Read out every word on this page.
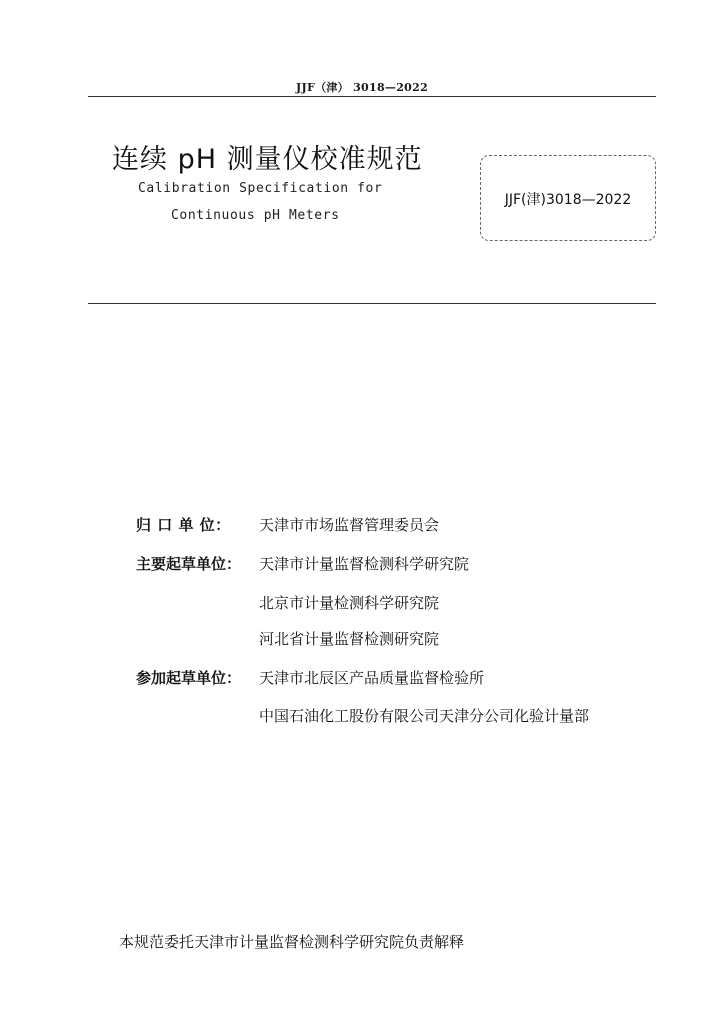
JJF（津） 3018—2022
连续 pH 测量仪校准规范
Calibration Specification for
Continuous pH Meters
JJF(津)3018—2022
归 口 单 位： 天津市市场监督管理委员会
主要起草单位： 天津市计量监督检测科学研究院
北京市计量检测科学研究院
河北省计量监督检测研究院
参加起草单位： 天津市北辰区产品质量监督检验所
中国石油化工股份有限公司天津分公司化验计量部
本规范委托天津市计量监督检测科学研究院负责解释
